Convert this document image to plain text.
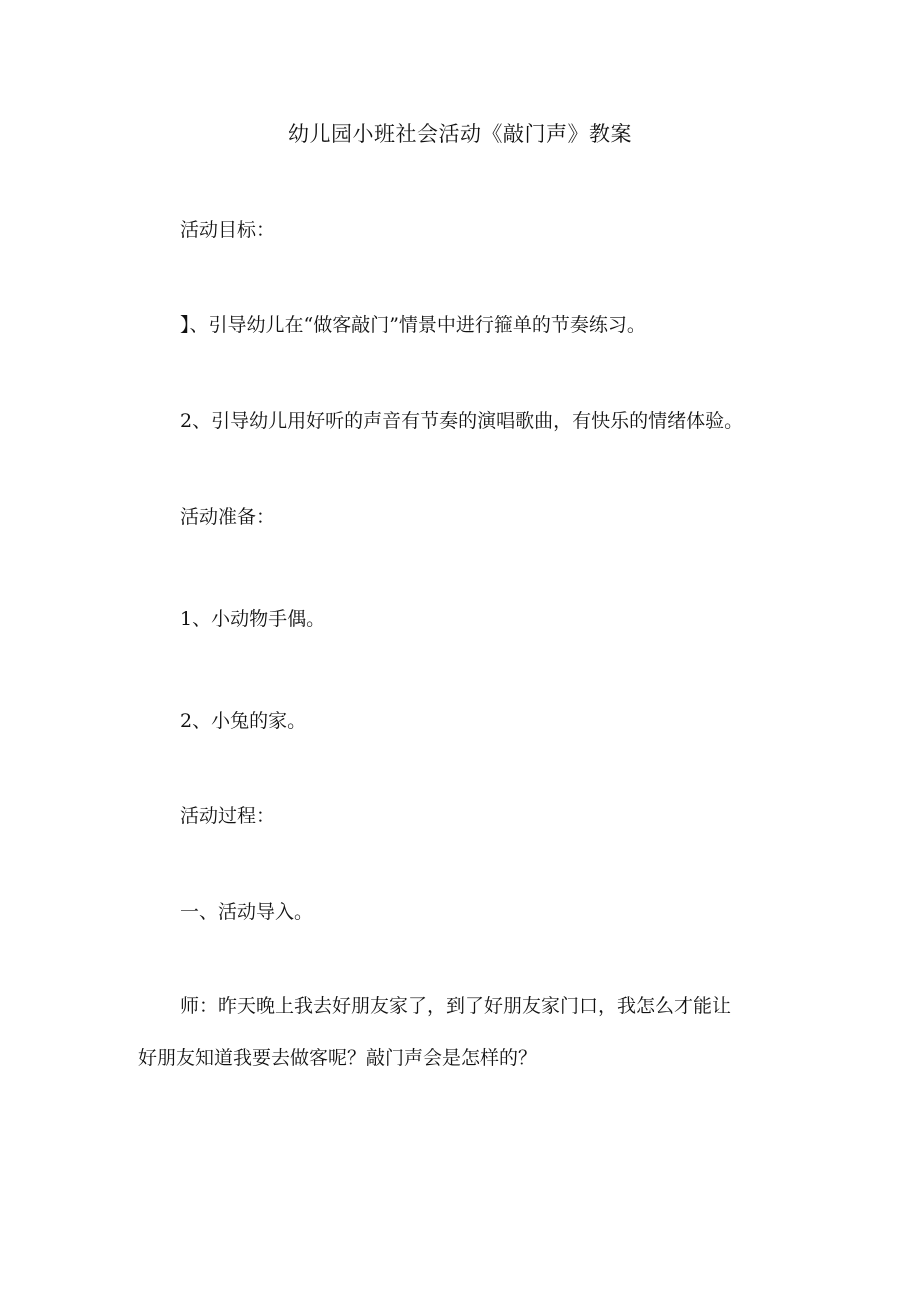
幼儿园小班社会活动《敲门声》教案
活动目标：
】、引导幼儿在“做客敲门”情景中进行箍单的节奏练习。
2、引导幼儿用好听的声音有节奏的演唱歌曲，有快乐的情绪体验。
活动准备：
1、小动物手偶。
2、小兔的家。
活动过程：
一、活动导入。
师：昨天晚上我去好朋友家了，到了好朋友家门口，我怎么才能让
好朋友知道我要去做客呢？敲门声会是怎样的？
